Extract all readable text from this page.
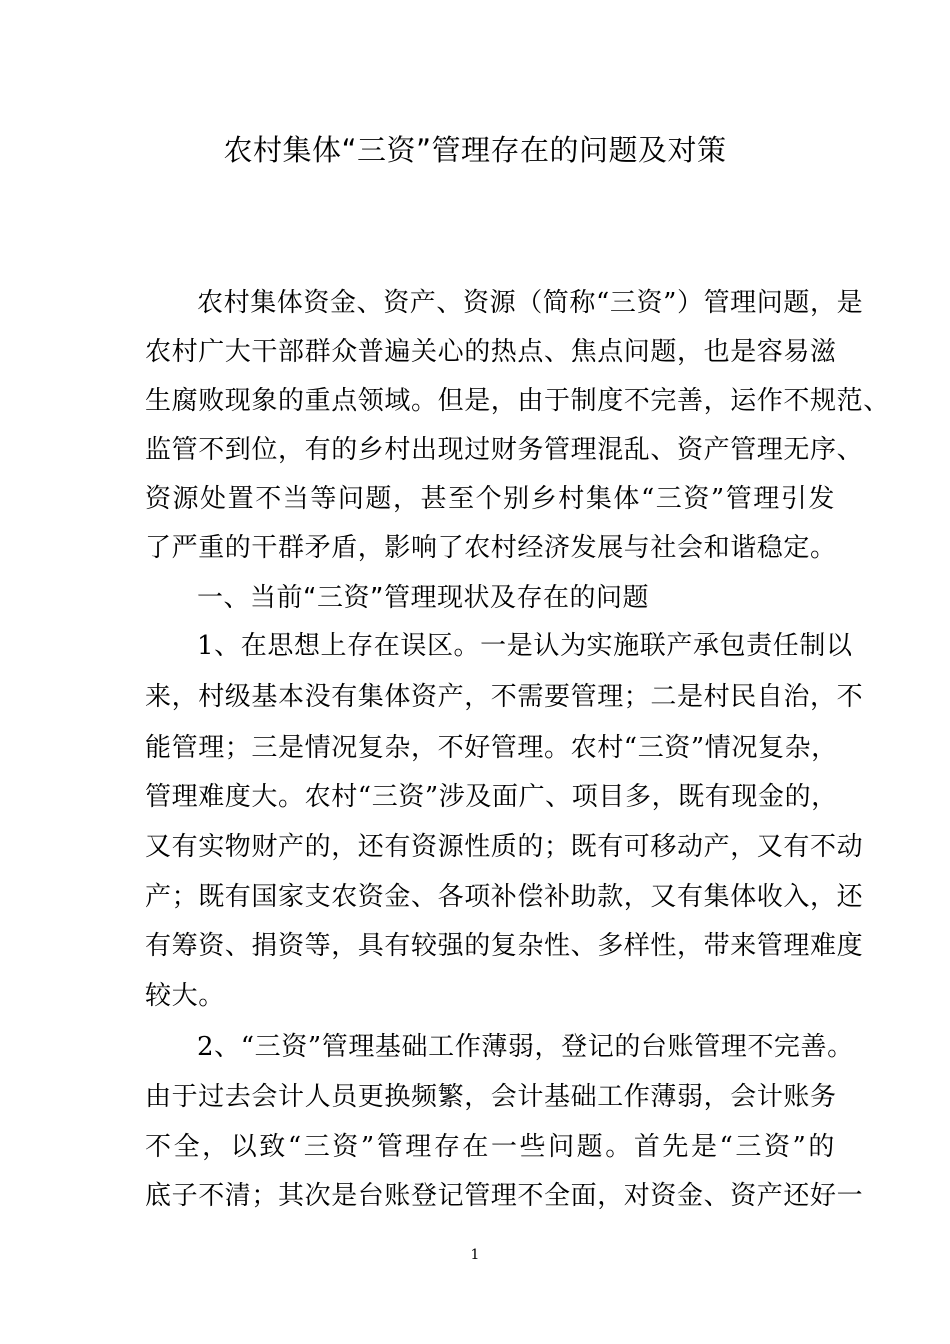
农村集体“三资”管理存在的问题及对策
农村集体资金、资产、资源（简称“三资”）管理问题，是
农村广大干部群众普遍关心的热点、焦点问题，也是容易滋
生腐败现象的重点领域。但是，由于制度不完善，运作不规范、
监管不到位，有的乡村出现过财务管理混乱、资产管理无序、
资源处置不当等问题，甚至个别乡村集体“三资”管理引发
了严重的干群矛盾，影响了农村经济发展与社会和谐稳定。
一、当前“三资”管理现状及存在的问题
1、在思想上存在误区。一是认为实施联产承包责任制以
来，村级基本没有集体资产，不需要管理；二是村民自治，不
能管理；三是情况复杂，不好管理。农村“三资”情况复杂，
管理难度大。农村“三资”涉及面广、项目多，既有现金的，
又有实物财产的，还有资源性质的；既有可移动产，又有不动
产；既有国家支农资金、各项补偿补助款，又有集体收入，还
有筹资、捐资等，具有较强的复杂性、多样性，带来管理难度
较大。
2、“三资”管理基础工作薄弱，登记的台账管理不完善。
由于过去会计人员更换频繁，会计基础工作薄弱，会计账务
不全，以致“三资”管理存在一些问题。首先是“三资”的
底子不清；其次是台账登记管理不全面，对资金、资产还好一
1
